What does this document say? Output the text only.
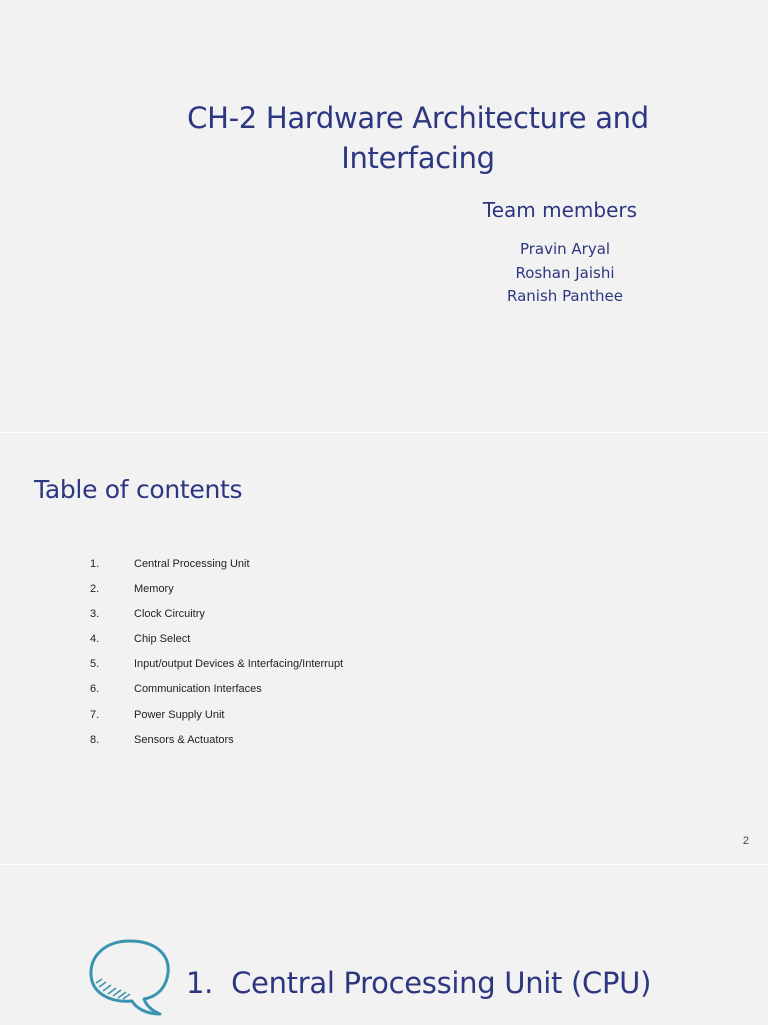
CH-2 Hardware Architecture and Interfacing
Team members
Pravin Aryal
Roshan Jaishi
Ranish Panthee
Table of contents
1.	Central Processing Unit
2.	Memory
3.	Clock Circuitry
4.	Chip Select
5.	Input/output Devices & Interfacing/Interrupt
6.	Communication Interfaces
7.	Power Supply Unit
8.	Sensors & Actuators
2
1. Central Processing Unit (CPU)
